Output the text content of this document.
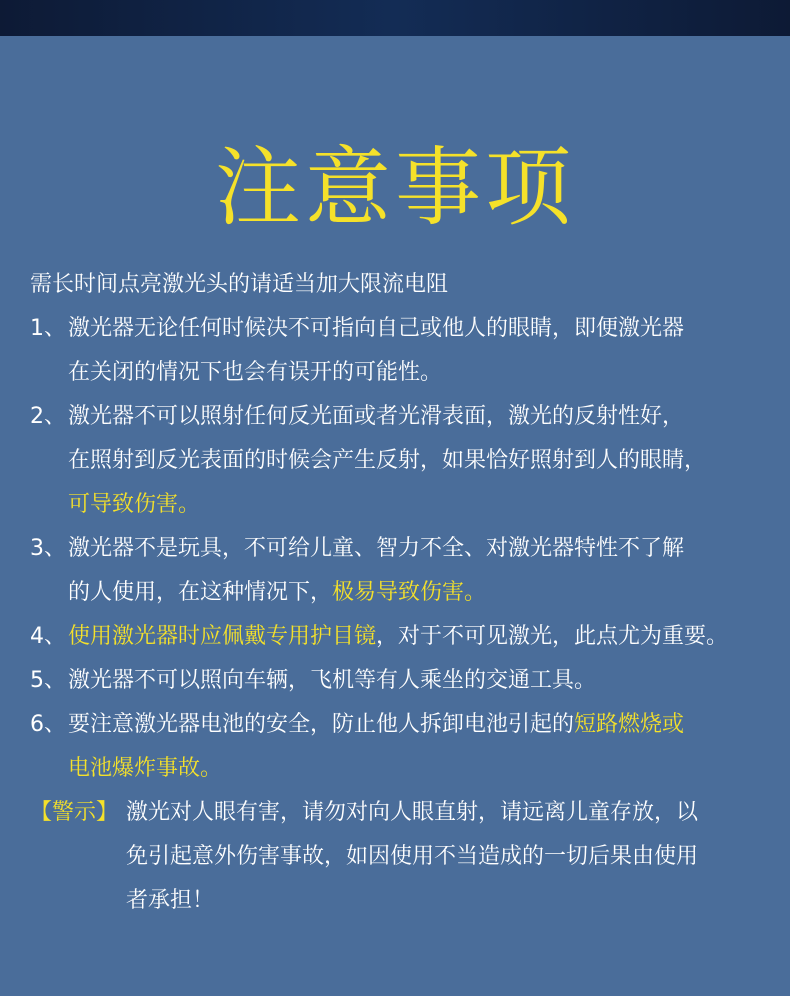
注意事项
需长时间点亮激光头的请适当加大限流电阻
1、 激光器无论任何时候决不可指向自己或他人的眼睛，即便激光器
在关闭的情况下也会有误开的可能性。
2、 激光器不可以照射任何反光面或者光滑表面，激光的反射性好，
在照射到反光表面的时候会产生反射，如果恰好照射到人的眼睛，
可导致伤害。
3、 激光器不是玩具，不可给儿童、智力不全、对激光器特性不了解
的人使用，在这种情况下，极易导致伤害。
4、 使用激光器时应佩戴专用护目镜，对于不可见激光，此点尤为重要。
5、 激光器不可以照向车辆，飞机等有人乘坐的交通工具。
6、 要注意激光器电池的安全，防止他人拆卸电池引起的短路燃烧或
电池爆炸事故。
【警示】 激光对人眼有害，请勿对向人眼直射，请远离儿童存放，以
免引起意外伤害事故，如因使用不当造成的一切后果由使用
者承担！
